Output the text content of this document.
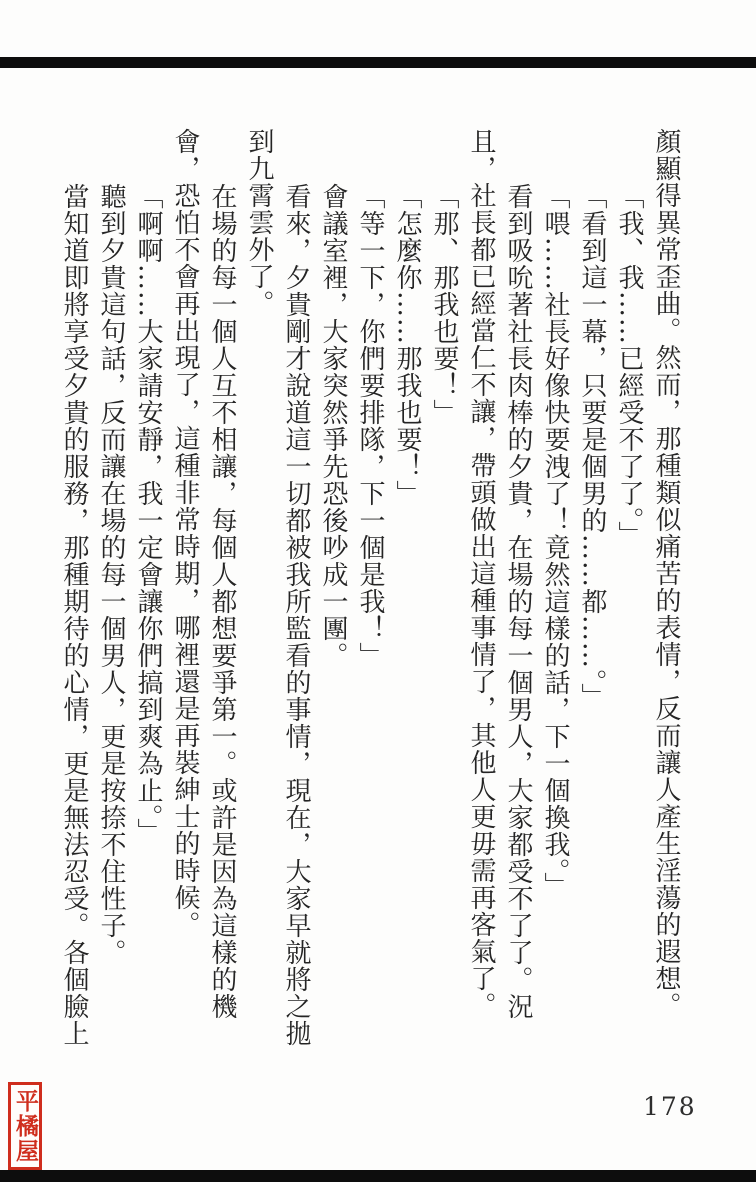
顏顯得異常歪曲。然而，那種類似痛苦的表情，反而讓人產生淫蕩的遐想。

「我、我……已經受不了了。」

「看到這一幕，只要是個男的……都……。」

「喂……社長好像快要洩了！竟然這樣的話，下一個換我。」

看到吸吮著社長肉棒的夕貴，在場的每一個男人，大家都受不了了。況

且，社長都已經當仁不讓，帶頭做出這種事情了，其他人更毋需再客氣了。

「那、那我也要！」

「怎麼你……那我也要！」

「等一下，你們要排隊，下一個是我！」

會議室裡，大家突然爭先恐後吵成一團。

看來，夕貴剛才說道這一切都被我所監看的事情，現在，大家早就將之拋

到九霄雲外了。

在場的每一個人互不相讓，每個人都想要爭第一。或許是因為這樣的機

會，恐怕不會再出現了，這種非常時期，哪裡還是再裝紳士的時候。

「啊啊……大家請安靜，我一定會讓你們搞到爽為止。」

聽到夕貴這句話，反而讓在場的每一個男人，更是按捺不住性子。

當知道即將享受夕貴的服務，那種期待的心情，更是無法忍受。各個臉上

平橘屋	178
